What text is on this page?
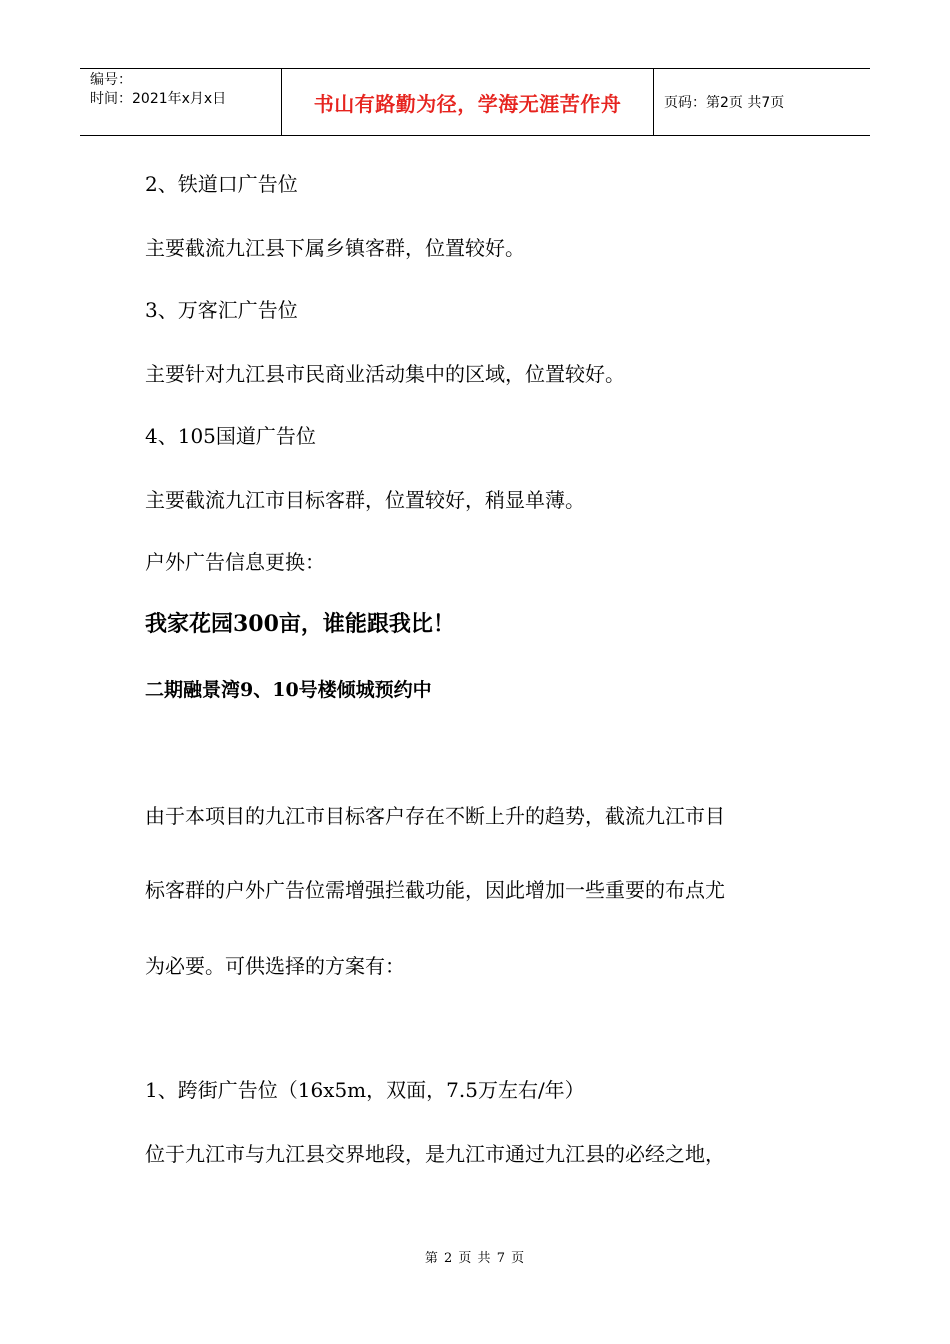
编号：
时间：2021年x月x日	书山有路勤为径，学海无涯苦作舟	页码：第2页 共7页

2、铁道口广告位

主要截流九江县下属乡镇客群，位置较好。

3、万客汇广告位

主要针对九江县市民商业活动集中的区域，位置较好。

4、105国道广告位

主要截流九江市目标客群，位置较好，稍显单薄。

户外广告信息更换：

我家花园300亩，谁能跟我比！

二期融景湾9、10号楼倾城预约中

由于本项目的九江市目标客户存在不断上升的趋势，截流九江市目

标客群的户外广告位需增强拦截功能，因此增加一些重要的布点尤

为必要。可供选择的方案有：

1、跨街广告位（16x5m，双面，7.5万左右/年）

位于九江市与九江县交界地段，是九江市通过九江县的必经之地，

第 2 页 共 7 页
